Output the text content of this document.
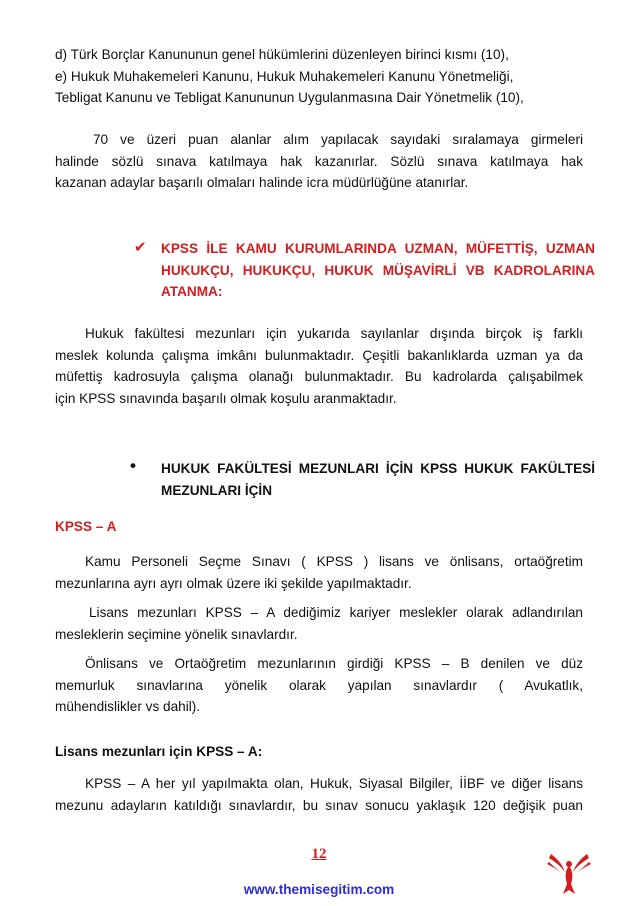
d) Türk Borçlar Kanununun genel hükümlerini düzenleyen birinci kısmı (10),
e) Hukuk Muhakemeleri Kanunu, Hukuk Muhakemeleri Kanunu Yönetmeliği,
Tebligat Kanunu ve Tebligat Kanununun Uygulanmasına Dair Yönetmelik (10),
70 ve üzeri puan alanlar alım yapılacak sayıdaki sıralamaya girmeleri
halinde sözlü sınava katılmaya hak kazanırlar. Sözlü sınava katılmaya hak
kazanan adaylar başarılı olmaları halinde icra müdürlüğüne atanırlar.
✔ KPSS İLE KAMU KURUMLARINDA UZMAN, MÜFETTİŞ, UZMAN
HUKUKÇU, HUKUKÇU, HUKUK MÜŞAVİRLİ VB KADROLARINA
ATANMA:
Hukuk fakültesi mezunları için yukarıda sayılanlar dışında birçok iş farklı
meslek kolunda çalışma imkânı bulunmaktadır. Çeşitli bakanlıklarda uzman ya da
müfettiş kadrosuyla çalışma olanağı bulunmaktadır. Bu kadrolarda çalışabilmek
için KPSS sınavında başarılı olmak koşulu aranmaktadır.
• HUKUK FAKÜLTESİ MEZUNLARI İÇİN KPSS HUKUK FAKÜLTESİ
MEZUNLARI İÇİN
KPSS – A
Kamu Personeli Seçme Sınavı ( KPSS ) lisans ve önlisans, ortaöğretim
mezunlarına ayrı ayrı olmak üzere iki şekilde yapılmaktadır.
Lisans mezunları KPSS – A dediğimiz kariyer meslekler olarak adlandırılan
mesleklerin seçimine yönelik sınavlardır.
Önlisans ve Ortaöğretim mezunlarının girdiği KPSS – B denilen ve düz
memurluk sınavlarına yönelik olarak yapılan sınavlardır ( Avukatlık,
mühendislikler vs dahil).
Lisans mezunları için KPSS – A:
KPSS – A her yıl yapılmakta olan, Hukuk, Siyasal Bilgiler, İİBF ve diğer lisans
mezunu adayların katıldığı sınavlardır, bu sınav sonucu yaklaşık 120 değişik puan
12
www.themisegitim.com
